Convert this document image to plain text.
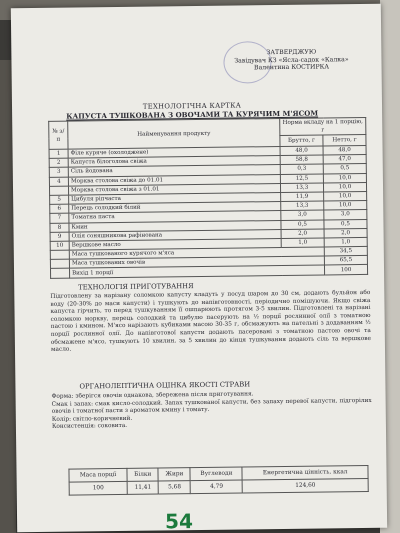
ЗАТВЕРДЖУЮ
Завідувач КЗ «Ясла-садок «Калка»
Валентина КОСТИРКА
ТЕХНОЛОГІЧНА КАРТКА
КАПУСТА ТУШКОВАНА З ОВОЧАМИ ТА КУРЯЧИМ М'ЯСОМ
№ з/п	Найменування продукту	Норма вкладу на 1 порцію, г	
		Брутто, г	Нетто, г
1	Філе куряче (охолоджене)	48,0	48,0
2	Капуста білоголова свіжа	58,8	47,0
3	Сіль йодована	0,3	0,5
4	Морква столова свіжа до 01.01	12,5	10,0
	Морква столова свіжа з 01.01	13,3	10,0
5	Цибуля ріпчаста	11,9	10,0
6	Перець солодкий білий	13,3	10,0
7	Томатна паста	3,0	3,0
8	Кмин	0,5	0,5
9	Олія соняшникова рафінована	2,0	2,0
10	Вершкове масло	1,0	1,0
	Маса тушкованого курячого м'яса		34,5
	Маса тушкованих овочів		65,5
	Вихід 1 порції		100
ТЕХНОЛОГІЯ ПРИГОТУВАННЯ
Підготовлену за нарізану соломкою капусту кладуть у посуд шаром до 30 см, додають бульйон або воду (20-30% до маси капусти) і тушкують до напівготовності, періодично помішуючи. Якщо свіжа капуста гірчить, то перед тушкуванням її ошпарюють протягом 3-5 хвилин. Підготовлені та нарізані соломкою моркву, перець солодкий та цибулю пасерують на ½ порції рослинної олії з томатною пастою і кмином. М'ясо нарізають кубиками масою 30-35 г, обсмажують на пательні з додаванням ½ порції рослинної олії. До напівготової капусти додають пасеровані з томатною пастою овочі та обсмажене м'ясо, тушкують 10 хвилин, за 5 хвилин до кінця тушкування додають сіль та вершкове масло.
ОРГАНОЛЕПТИЧНА ОЦІНКА ЯКОСТІ СТРАВИ
Форма: зберігся овочів однакова, збережена після приготування.
Смак і запах: смак кисло-солодкий. Запах тушкованої капусти, без запаху перевої капусти, підгорілих овочів і томатної пасти з ароматом кмину і томату.
Колір: світло-коричневий.
Консистенція: соковита.
Маса порції	Білки	Жири	Вуглеводи	Енергетична цінність, ккал
100	11,41	5,68	4,79	124,60
54
